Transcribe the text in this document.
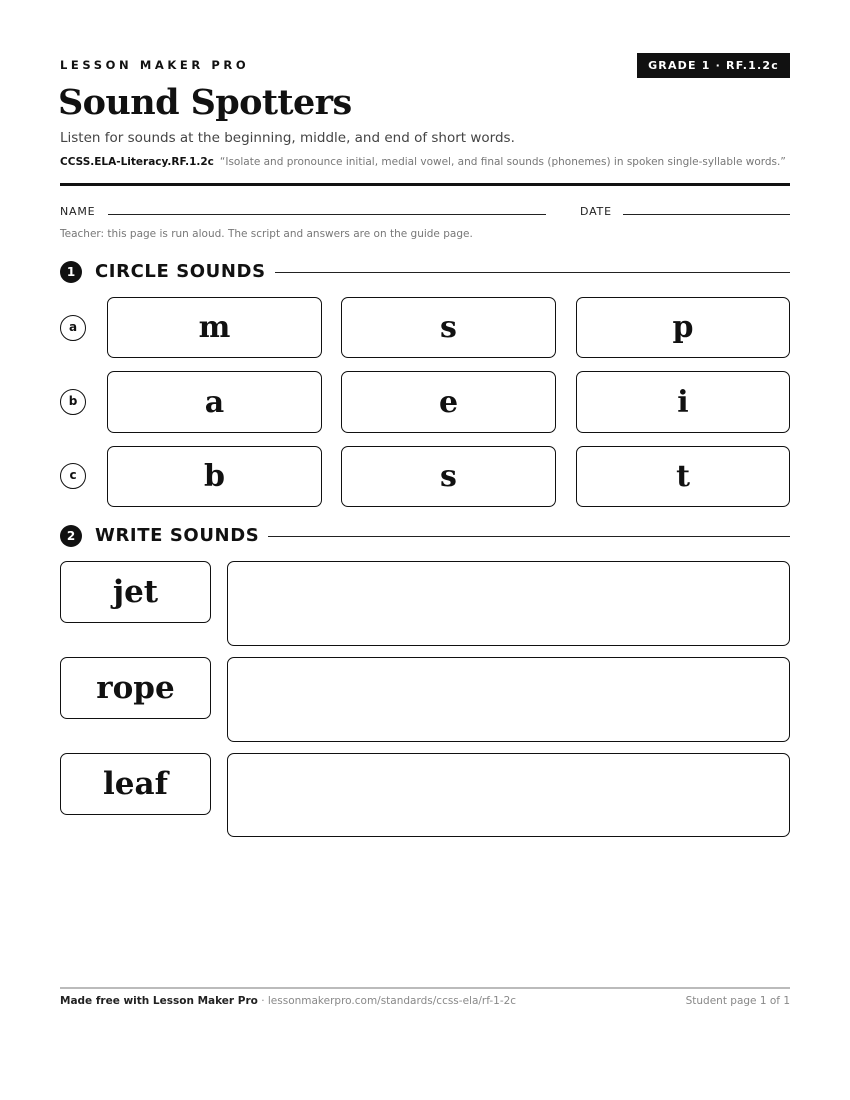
LESSON MAKER PRO	GRADE 1 · RF.1.2c
Sound Spotters
Listen for sounds at the beginning, middle, and end of short words.
CCSS.ELA-Literacy.RF.1.2c “Isolate and pronounce initial, medial vowel, and final sounds (phonemes) in spoken single-syllable words.”
NAME	DATE
Teacher: this page is run aloud. The script and answers are on the guide page.
1	CIRCLE SOUNDS
a	m	s	p
b	a	e	i
c	b	s	t
2	WRITE SOUNDS
jet
rope
leaf
Made free with Lesson Maker Pro · lessonmakerpro.com/standards/ccss-ela/rf-1-2c	Student page 1 of 1
